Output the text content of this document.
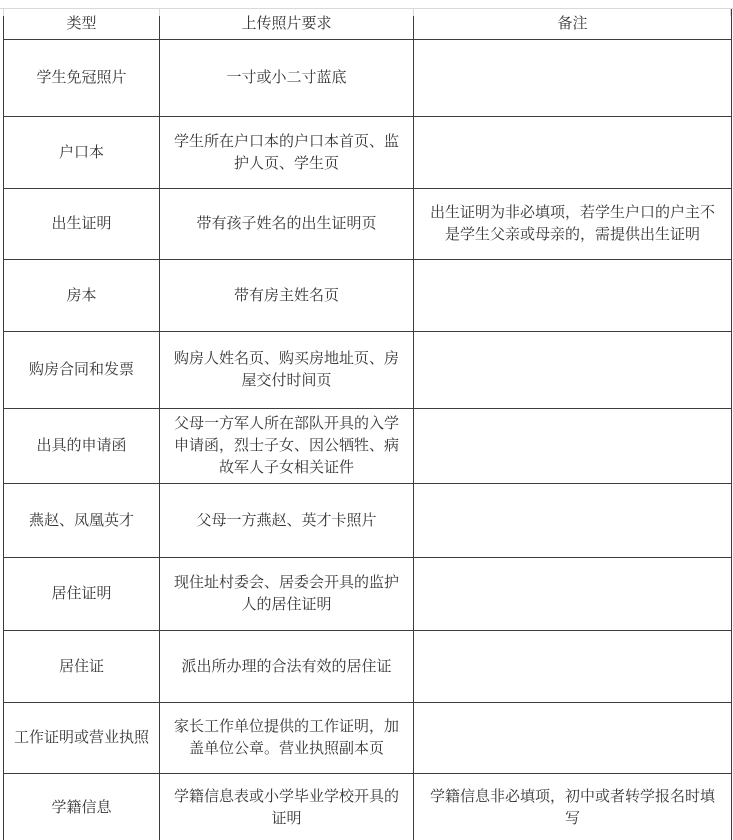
类型	上传照片要求	备注
学生免冠照片	一寸或小二寸蓝底	
户口本	学生所在户口本的户口本首页、监护人页、学生页	
出生证明	带有孩子姓名的出生证明页	出生证明为非必填项，若学生户口的户主不是学生父亲或母亲的，需提供出生证明
房本	带有房主姓名页	
购房合同和发票	购房人姓名页、购买房地址页、房屋交付时间页	
出具的申请函	父母一方军人所在部队开具的入学申请函，烈士子女、因公牺牲、病故军人子女相关证件	
燕赵、凤凰英才	父母一方燕赵、英才卡照片	
居住证明	现住址村委会、居委会开具的监护人的居住证明	
居住证	派出所办理的合法有效的居住证	
工作证明或营业执照	家长工作单位提供的工作证明，加盖单位公章。营业执照副本页	
学籍信息	学籍信息表或小学毕业学校开具的证明	学籍信息非必填项，初中或者转学报名时填写
